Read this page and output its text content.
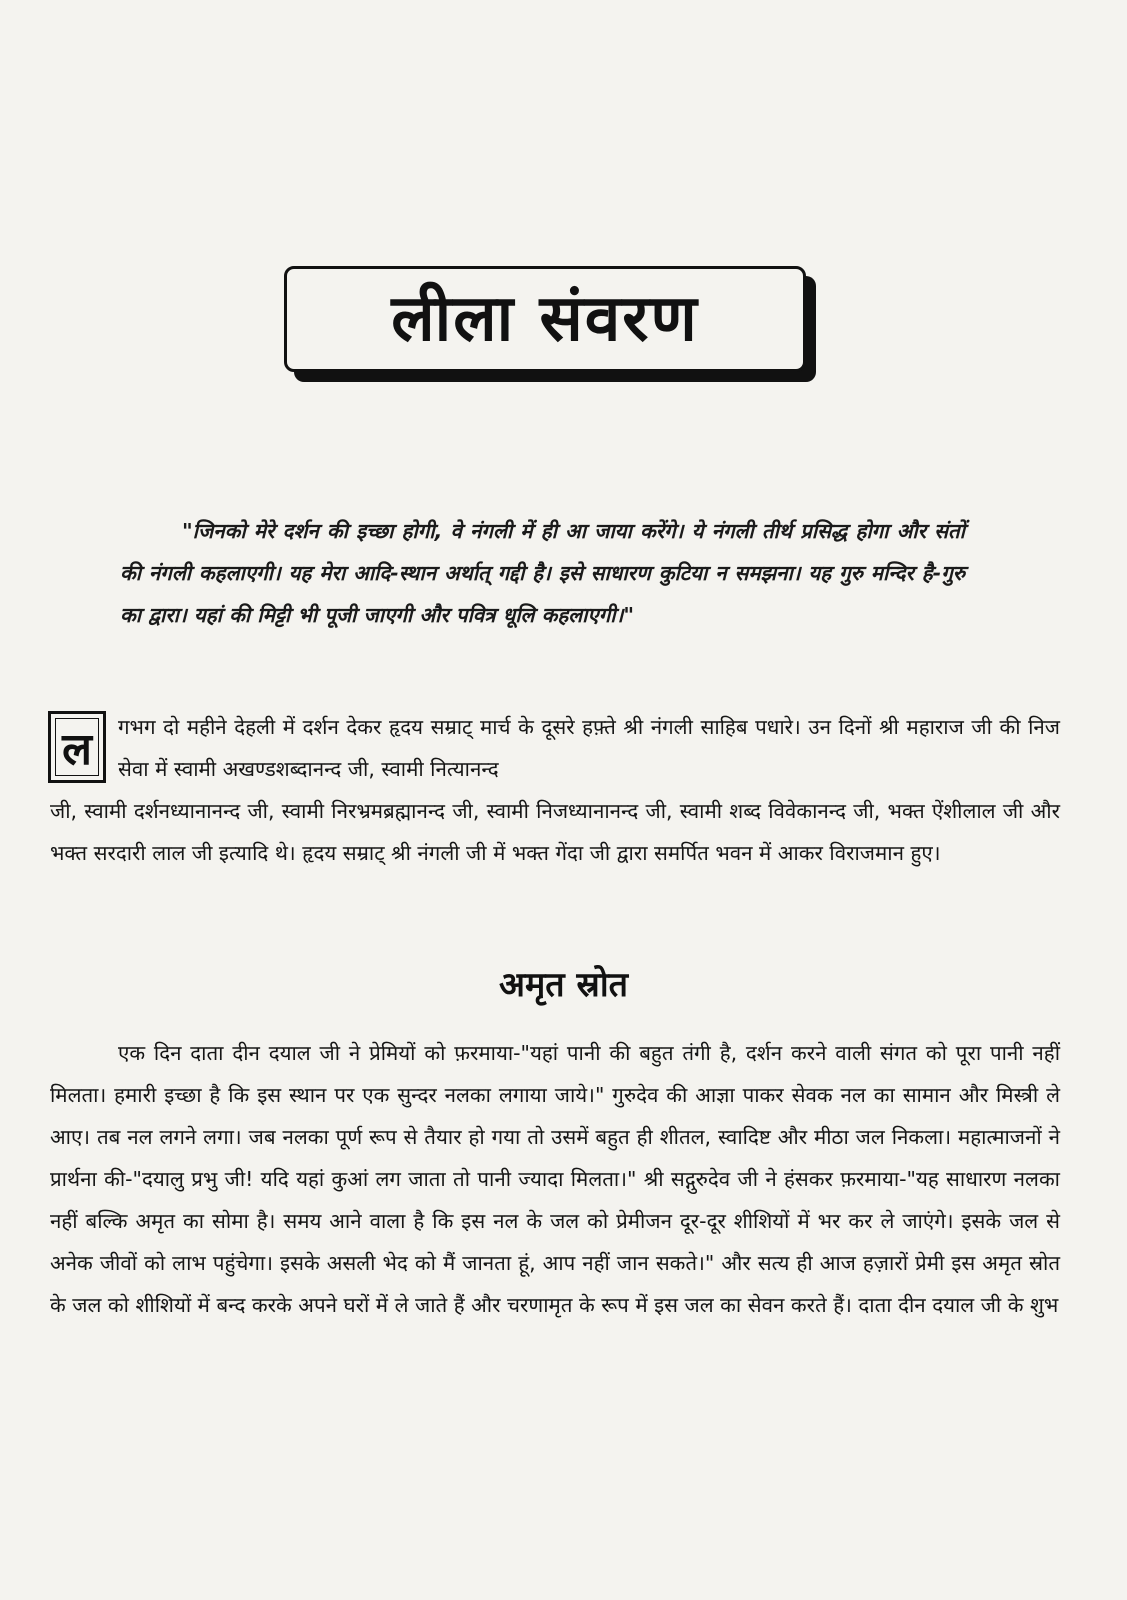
लीला संवरण
"जिनको मेरे दर्शन की इच्छा होगी, वे नंगली में ही आ जाया करेंगे। ये नंगली तीर्थ प्रसिद्ध होगा और संतों की नंगली कहलाएगी। यह मेरा आदि-स्थान अर्थात् गद्दी है। इसे साधारण कुटिया न समझना। यह गुरु मन्दिर है-गुरु का द्वारा। यहां की मिट्टी भी पूजी जाएगी और पवित्र धूलि कहलाएगी।"
ल	गभग दो महीने देहली में दर्शन देकर हृदय सम्राट् मार्च के दूसरे हफ़्ते श्री नंगली साहिब पधारे। उन दिनों श्री महाराज जी की निज सेवा में स्वामी अखण्डशब्दानन्द जी, स्वामी नित्यानन्द
जी, स्वामी दर्शनध्यानानन्द जी, स्वामी निरभ्रमब्रह्मानन्द जी, स्वामी निजध्यानानन्द जी, स्वामी शब्द विवेकानन्द जी, भक्त ऐंशीलाल जी और भक्त सरदारी लाल जी इत्यादि थे। हृदय सम्राट् श्री नंगली जी में भक्त गेंदा जी द्वारा समर्पित भवन में आकर विराजमान हुए।
अमृत स्रोत
एक दिन दाता दीन दयाल जी ने प्रेमियों को फ़रमाया-"यहां पानी की बहुत तंगी है, दर्शन करने वाली संगत को पूरा पानी नहीं मिलता। हमारी इच्छा है कि इस स्थान पर एक सुन्दर नलका लगाया जाये।" गुरुदेव की आज्ञा पाकर सेवक नल का सामान और मिस्त्री ले आए। तब नल लगने लगा। जब नलका पूर्ण रूप से तैयार हो गया तो उसमें बहुत ही शीतल, स्वादिष्ट और मीठा जल निकला। महात्माजनों ने प्रार्थना की-"दयालु प्रभु जी! यदि यहां कुआं लग जाता तो पानी ज्यादा मिलता।" श्री सद्गुरुदेव जी ने हंसकर फ़रमाया-"यह साधारण नलका नहीं बल्कि अमृत का सोमा है। समय आने वाला है कि इस नल के जल को प्रेमीजन दूर-दूर शीशियों में भर कर ले जाएंगे। इसके जल से अनेक जीवों को लाभ पहुंचेगा। इसके असली भेद को मैं जानता हूं, आप नहीं जान सकते।" और सत्य ही आज हज़ारों प्रेमी इस अमृत स्रोत के जल को शीशियों में बन्द करके अपने घरों में ले जाते हैं और चरणामृत के रूप में इस जल का सेवन करते हैं। दाता दीन दयाल जी के शुभ
